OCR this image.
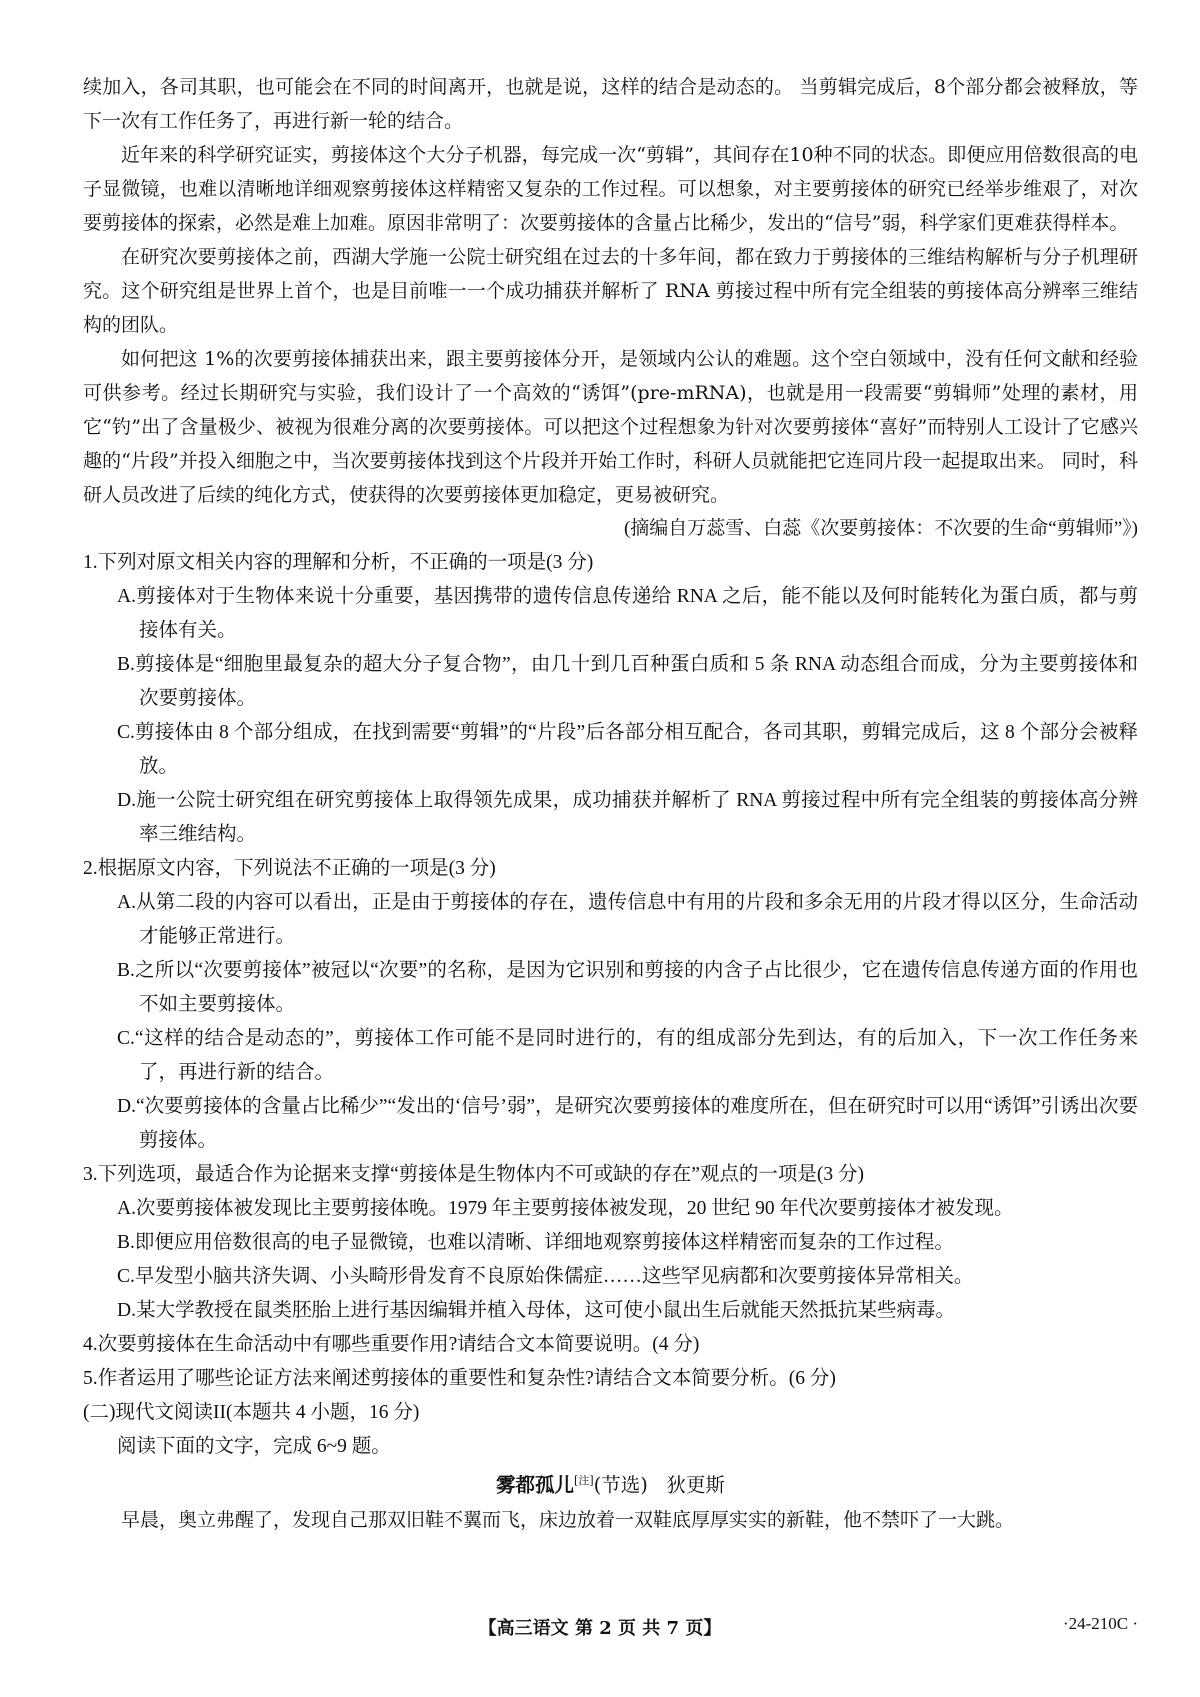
续加入，各司其职，也可能会在不同的时间离开，也就是说，这样的结合是动态的。 当剪辑完成后，8个部分都会被释放，等下一次有工作任务了，再进行新一轮的结合。

近年来的科学研究证实，剪接体这个大分子机器，每完成一次“剪辑”，其间存在10种不同的状态。即便应用倍数很高的电子显微镜，也难以清晰地详细观察剪接体这样精密又复杂的工作过程。可以想象，对主要剪接体的研究已经举步维艰了，对次要剪接体的探索，必然是难上加难。原因非常明了：次要剪接体的含量占比稀少，发出的“信号”弱，科学家们更难获得样本。

在研究次要剪接体之前，西湖大学施一公院士研究组在过去的十多年间，都在致力于剪接体的三维结构解析与分子机理研究。这个研究组是世界上首个，也是目前唯一一个成功捕获并解析了 RNA 剪接过程中所有完全组装的剪接体高分辨率三维结构的团队。

如何把这 1%的次要剪接体捕获出来，跟主要剪接体分开，是领域内公认的难题。这个空白领域中，没有任何文献和经验可供参考。经过长期研究与实验，我们设计了一个高效的“诱饵”(pre-mRNA)，也就是用一段需要“剪辑师”处理的素材，用它“钓”出了含量极少、被视为很难分离的次要剪接体。可以把这个过程想象为针对次要剪接体“喜好”而特别人工设计了它感兴趣的“片段”并投入细胞之中，当次要剪接体找到这个片段并开始工作时，科研人员就能把它连同片段一起提取出来。 同时，科研人员改进了后续的纯化方式，使获得的次要剪接体更加稳定，更易被研究。

(摘编自万蕊雪、白蕊《次要剪接体：不次要的生命“剪辑师”》)

1.下列对原文相关内容的理解和分析，不正确的一项是(3 分)

A.剪接体对于生物体来说十分重要，基因携带的遗传信息传递给 RNA 之后，能不能以及何时能转化为蛋白质，都与剪接体有关。

B.剪接体是“细胞里最复杂的超大分子复合物”，由几十到几百种蛋白质和 5 条 RNA 动态组合而成，分为主要剪接体和次要剪接体。

C.剪接体由 8 个部分组成，在找到需要“剪辑”的“片段”后各部分相互配合，各司其职，剪辑完成后，这 8 个部分会被释放。

D.施一公院士研究组在研究剪接体上取得领先成果，成功捕获并解析了 RNA 剪接过程中所有完全组装的剪接体高分辨率三维结构。

2.根据原文内容，下列说法不正确的一项是(3 分)

A.从第二段的内容可以看出，正是由于剪接体的存在，遗传信息中有用的片段和多余无用的片段才得以区分，生命活动才能够正常进行。

B.之所以“次要剪接体”被冠以“次要”的名称，是因为它识别和剪接的内含子占比很少，它在遗传信息传递方面的作用也不如主要剪接体。

C.“这样的结合是动态的”，剪接体工作可能不是同时进行的，有的组成部分先到达，有的后加入，下一次工作任务来了，再进行新的结合。

D.“次要剪接体的含量占比稀少”“发出的‘信号’弱”，是研究次要剪接体的难度所在，但在研究时可以用“诱饵”引诱出次要剪接体。

3.下列选项，最适合作为论据来支撑“剪接体是生物体内不可或缺的存在”观点的一项是(3 分)

A.次要剪接体被发现比主要剪接体晚。1979 年主要剪接体被发现，20 世纪 90 年代次要剪接体才被发现。

B.即便应用倍数很高的电子显微镜，也难以清晰、详细地观察剪接体这样精密而复杂的工作过程。

C.早发型小脑共济失调、小头畸形骨发育不良原始侏儒症……这些罕见病都和次要剪接体异常相关。

D.某大学教授在鼠类胚胎上进行基因编辑并植入母体，这可使小鼠出生后就能天然抵抗某些病毒。

4.次要剪接体在生命活动中有哪些重要作用?请结合文本简要说明。(4 分)

5.作者运用了哪些论证方法来阐述剪接体的重要性和复杂性?请结合文本简要分析。(6 分)

(二)现代文阅读II(本题共 4 小题，16 分)

阅读下面的文字，完成 6~9 题。

雾都孤儿[注](节选) 狄更斯

早晨，奥立弗醒了，发现自己那双旧鞋不翼而飞，床边放着一双鞋底厚厚实实的新鞋，他不禁吓了一大跳。

【高三语文 第 2 页 共 7 页】	·24-210C ·
